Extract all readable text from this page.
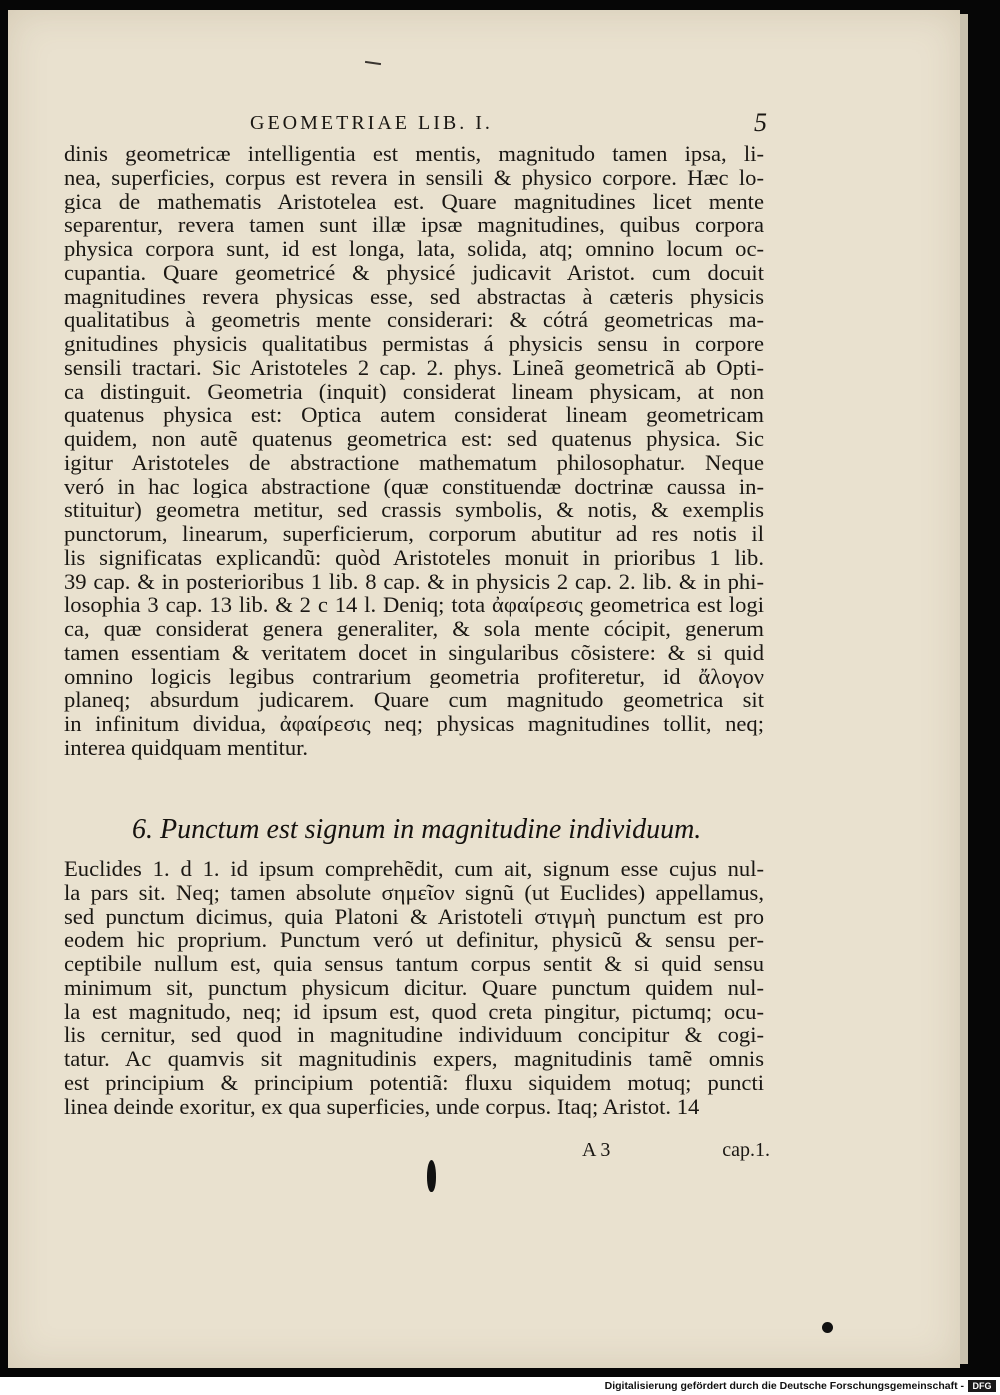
GEOMETRIAE LIB. I.	5
dinis geometricæ intelligentia est mentis, magnitudo tamen ipsa, li-
nea, superficies, corpus est revera in sensili & physico corpore. Hæc lo-
gica de mathematis Aristotelea est. Quare magnitudines licet mente
separentur, revera tamen sunt illæ ipsæ magnitudines, quibus corpora
physica corpora sunt, id est longa, lata, solida, atq; omnino locum oc-
cupantia. Quare geometricé & physicé judicavit Aristot. cum docuit
magnitudines revera physicas esse, sed abstractas à cæteris physicis
qualitatibus à geometris mente considerari: & cótrá geometricas ma-
gnitudines physicis qualitatibus permistas á physicis sensu in corpore
sensili tractari. Sic Aristoteles 2 cap. 2. phys. Lineã geometricã ab Opti-
ca distinguit. Geometria (inquit) considerat lineam physicam, at non
quatenus physica est: Optica autem considerat lineam geometricam
quidem, non autẽ quatenus geometrica est: sed quatenus physica. Sic
igitur Aristoteles de abstractione mathematum philosophatur. Neque
veró in hac logica abstractione (quæ constituendæ doctrinæ caussa in-
stituitur) geometra metitur, sed crassis symbolis, & notis, & exemplis
punctorum, linearum, superficierum, corporum abutitur ad res notis il
lis significatas explicandũ: quòd Aristoteles monuit in prioribus 1 lib.
39 cap. & in posterioribus 1 lib. 8 cap. & in physicis 2 cap. 2. lib. & in phi-
losophia 3 cap. 13 lib. & 2 c 14 l. Deniq; tota ἀφαίρεσις geometrica est logi
ca, quæ considerat genera generaliter, & sola mente cócipit, generum
tamen essentiam & veritatem docet in singularibus cõsistere: & si quid
omnino logicis legibus contrarium geometria profiteretur, id ἄλογον
planeq; absurdum judicarem. Quare cum magnitudo geometrica sit
in infinitum dividua, ἀφαίρεσις neq; physicas magnitudines tollit, neq;
interea quidquam mentitur.
6. Punctum est signum in magnitudine individuum.
Euclides 1. d 1. id ipsum comprehẽdit, cum ait, signum esse cujus nul-
la pars sit. Neq; tamen absolute σημεῖον signũ (ut Euclides) appellamus,
sed punctum dicimus, quia Platoni & Aristoteli στιγμὴ punctum est pro
eodem hic proprium. Punctum veró ut definitur, physicũ & sensu per-
ceptibile nullum est, quia sensus tantum corpus sentit & si quid sensu
minimum sit, punctum physicum dicitur. Quare punctum quidem nul-
la est magnitudo, neq; id ipsum est, quod creta pingitur, pictumq; ocu-
lis cernitur, sed quod in magnitudine individuum concipitur & cogi-
tatur. Ac quamvis sit magnitudinis expers, magnitudinis tamẽ omnis
est principium & principium potentiã: fluxu siquidem motuq; puncti
linea deinde exoritur, ex qua superficies, unde corpus. Itaq; Aristot. 14
A 3	cap.1.
Digitalisierung gefördert durch die Deutsche Forschungsgemeinschaft - DFG
